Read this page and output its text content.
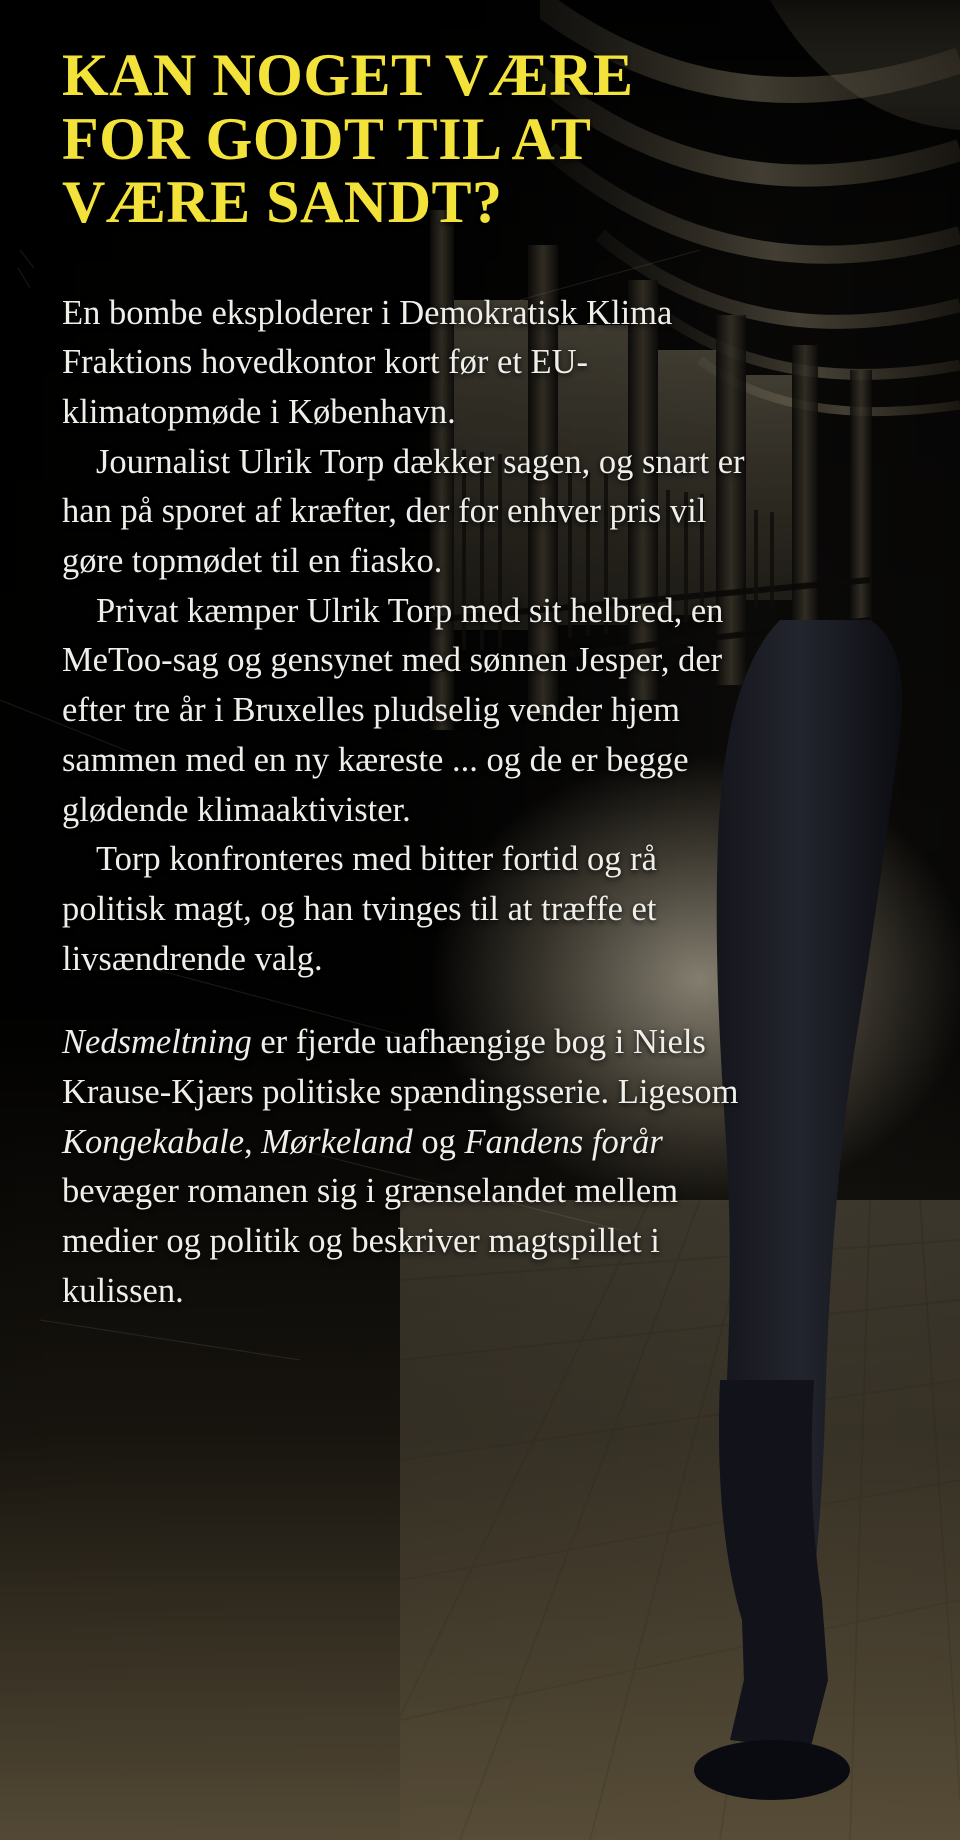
KAN NOGET VÆRE FOR GODT TIL AT VÆRE SANDT?

En bombe eksploderer i Demokratisk Klima Fraktions hovedkontor kort før et EU-klimatopmøde i København.

Journalist Ulrik Torp dækker sagen, og snart er han på sporet af kræfter, der for enhver pris vil gøre topmødet til en fiasko.

Privat kæmper Ulrik Torp med sit helbred, en MeToo-sag og gensynet med sønnen Jesper, der efter tre år i Bruxelles pludselig vender hjem sammen med en ny kæreste ... og de er begge glødende klimaaktivister.

Torp konfronteres med bitter fortid og rå politisk magt, og han tvinges til at træffe et livsændrende valg.

Nedsmeltning er fjerde uafhængige bog i Niels Krause-Kjærs politiske spændingsserie. Ligesom Kongekabale, Mørkeland og Fandens forår bevæger romanen sig i grænselandet mellem medier og politik og beskriver magtspillet i kulissen.
